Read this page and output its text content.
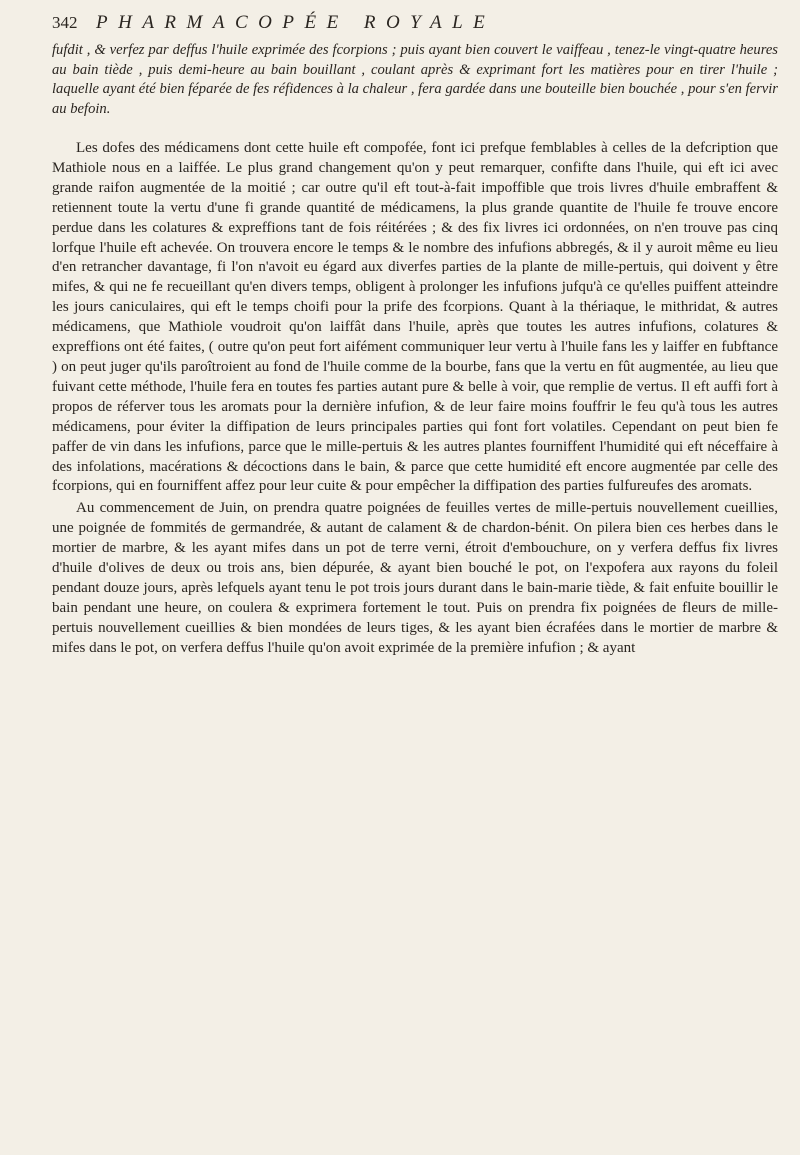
342 PHARMACOPÉE ROYALE

fufdit , & verfez par deffus l'huile exprimée des fcorpions ; puis ayant bien couvert le vaiffeau , tenez-le vingt-quatre heures au bain tiède , puis demi-heure au bain bouillant , coulant après & exprimant fort les matières pour en tirer l'huile ; laquelle ayant été bien féparée de fes réfidences à la chaleur , fera gardée dans une bouteille bien bouchée , pour s'en fervir au befoin.

Les dofes des médicamens dont cette huile eft compofée, font ici prefque femblables à celles de la defcription que Mathiole nous en a laiffée. Le plus grand changement qu'on y peut remarquer, confifte dans l'huile, qui eft ici avec grande raifon augmentée de la moitié ; car outre qu'il eft tout-à-fait impoffible que trois livres d'huile embraffent & retiennent toute la vertu d'une fi grande quantité de médicamens, la plus grande quantite de l'huile fe trouve encore perdue dans les colatures & expreffions tant de fois réitérées ; & des fix livres ici ordonnées, on n'en trouve pas cinq lorfque l'huile eft achevée. On trouvera encore le temps & le nombre des infufions abbregés, & il y auroit même eu lieu d'en retrancher davantage, fi l'on n'avoit eu égard aux diverfes parties de la plante de mille-pertuis, qui doivent y être mifes, & qui ne fe recueillant qu'en divers temps, obligent à prolonger les infufions jufqu'à ce qu'elles puiffent atteindre les jours caniculaires, qui eft le temps choifi pour la prife des fcorpions. Quant à la thériaque, le mithridat, & autres médicamens, que Mathiole voudroit qu'on laiffât dans l'huile, après que toutes les autres infufions, colatures & expreffions ont été faites, ( outre qu'on peut fort aifément communiquer leur vertu à l'huile fans les y laiffer en fubftance ) on peut juger qu'ils paroîtroient au fond de l'huile comme de la bourbe, fans que la vertu en fût augmentée, au lieu que fuivant cette méthode, l'huile fera en toutes fes parties autant pure & belle à voir, que remplie de vertus. Il eft auffi fort à propos de réferver tous les aromats pour la dernière infufion, & de leur faire moins fouffrir le feu qu'à tous les autres médicamens, pour éviter la diffipation de leurs principales parties qui font fort volatiles. Cependant on peut bien fe paffer de vin dans les infufions, parce que le mille-pertuis & les autres plantes fourniffent l'humidité qui eft néceffaire à des infolations, macérations & décoctions dans le bain, & parce que cette humidité eft encore augmentée par celle des fcorpions, qui en fourniffent affez pour leur cuite & pour empêcher la diffipation des parties fulfureufes des aromats.

Au commencement de Juin, on prendra quatre poignées de feuilles vertes de mille-pertuis nouvellement cueillies, une poignée de fommités de germandrée, & autant de calament & de chardon-bénit. On pilera bien ces herbes dans le mortier de marbre, & les ayant mifes dans un pot de terre verni, étroit d'embouchure, on y verfera deffus fix livres d'huile d'olives de deux ou trois ans, bien dépurée, & ayant bien bouché le pot, on l'expofera aux rayons du foleil pendant douze jours, après lefquels ayant tenu le pot trois jours durant dans le bain-marie tiède, & fait enfuite bouillir le bain pendant une heure, on coulera & exprimera fortement le tout. Puis on prendra fix poignées de fleurs de mille-pertuis nouvellement cueillies & bien mondées de leurs tiges, & les ayant bien écrafées dans le mortier de marbre & mifes dans le pot, on verfera deffus l'huile qu'on avoit exprimée de la première infufion ; & ayant
